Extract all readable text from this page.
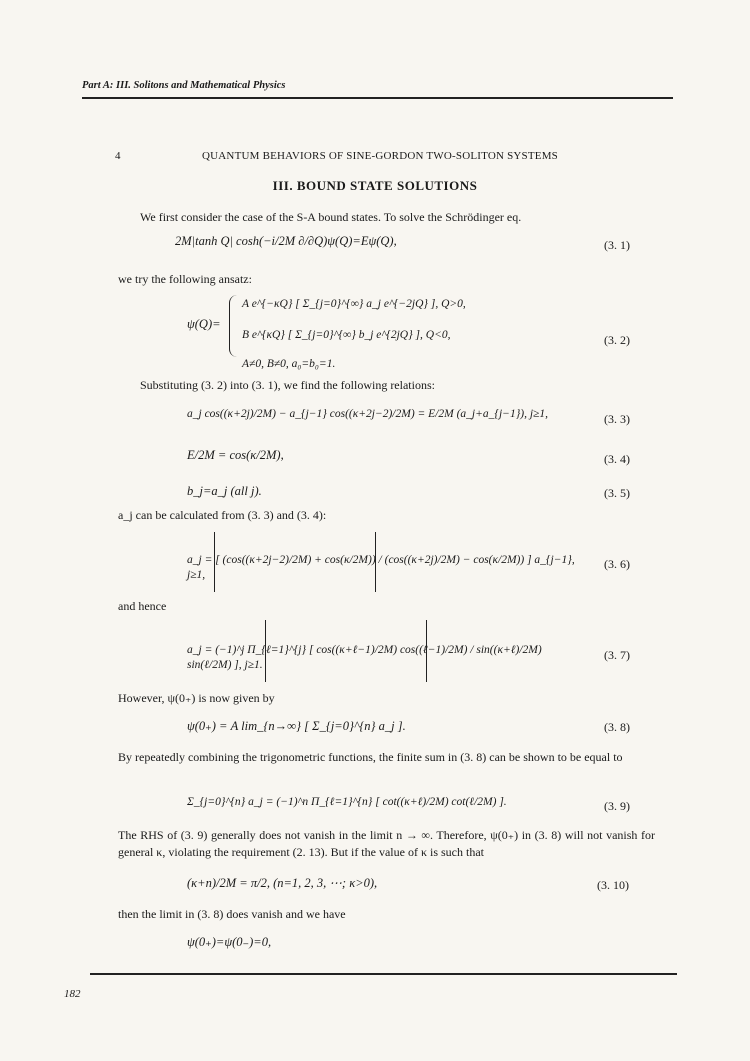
Part A: III. Solitons and Mathematical Physics
4	QUANTUM BEHAVIORS OF SINE-GORDON TWO-SOLITON SYSTEMS
III. BOUND STATE SOLUTIONS
We first consider the case of the S-A bound states. To solve the Schrödinger eq.
2M|tanh Q| cosh(−i/2M ∂/∂Q)ψ(Q)=Eψ(Q),	(3. 1)
we try the following ansatz:
ψ(Q)=
A e^{−κQ} [ Σ_{j=0}^{∞} a_j e^{−2jQ} ], Q>0,
B e^{κQ} [ Σ_{j=0}^{∞} b_j e^{2jQ} ], Q<0,
A≠0, B≠0, a₀=b₀=1.
(3. 2)
Substituting (3. 2) into (3. 1), we find the following relations:
a_j cos((κ+2j)/2M) − a_{j−1} cos((κ+2j−2)/2M) = E/2M (a_j+a_{j−1}), j≥1,	(3. 3)
E/2M = cos(κ/2M),	(3. 4)
b_j=a_j (all j).	(3. 5)
a_j can be calculated from (3. 3) and (3. 4):
a_j = [ (cos((κ+2j−2)/2M) + cos(κ/2M)) / (cos((κ+2j)/2M) − cos(κ/2M)) ] a_{j−1}, j≥1,
(3. 6)
and hence
a_j = (−1)^j Π_{ℓ=1}^{j} [ cos((κ+ℓ−1)/2M) cos((ℓ−1)/2M) / sin((κ+ℓ)/2M) sin(ℓ/2M) ], j≥1.
(3. 7)
However, ψ(0₊) is now given by
ψ(0₊) = A lim_{n→∞} [ Σ_{j=0}^{n} a_j ].	(3. 8)
By repeatedly combining the trigonometric functions, the finite sum in (3. 8) can be shown to be equal to
Σ_{j=0}^{n} a_j = (−1)^n Π_{ℓ=1}^{n} [ cot((κ+ℓ)/2M) cot(ℓ/2M) ].	(3. 9)
The RHS of (3. 9) generally does not vanish in the limit n → ∞. Therefore, ψ(0₊) in (3. 8) will not vanish for general κ, violating the requirement (2. 13). But if the value of κ is such that
(κ+n)/2M = π/2, (n=1, 2, 3, ⋯; κ>0),	(3. 10)
then the limit in (3. 8) does vanish and we have
ψ(0₊)=ψ(0₋)=0,
182
